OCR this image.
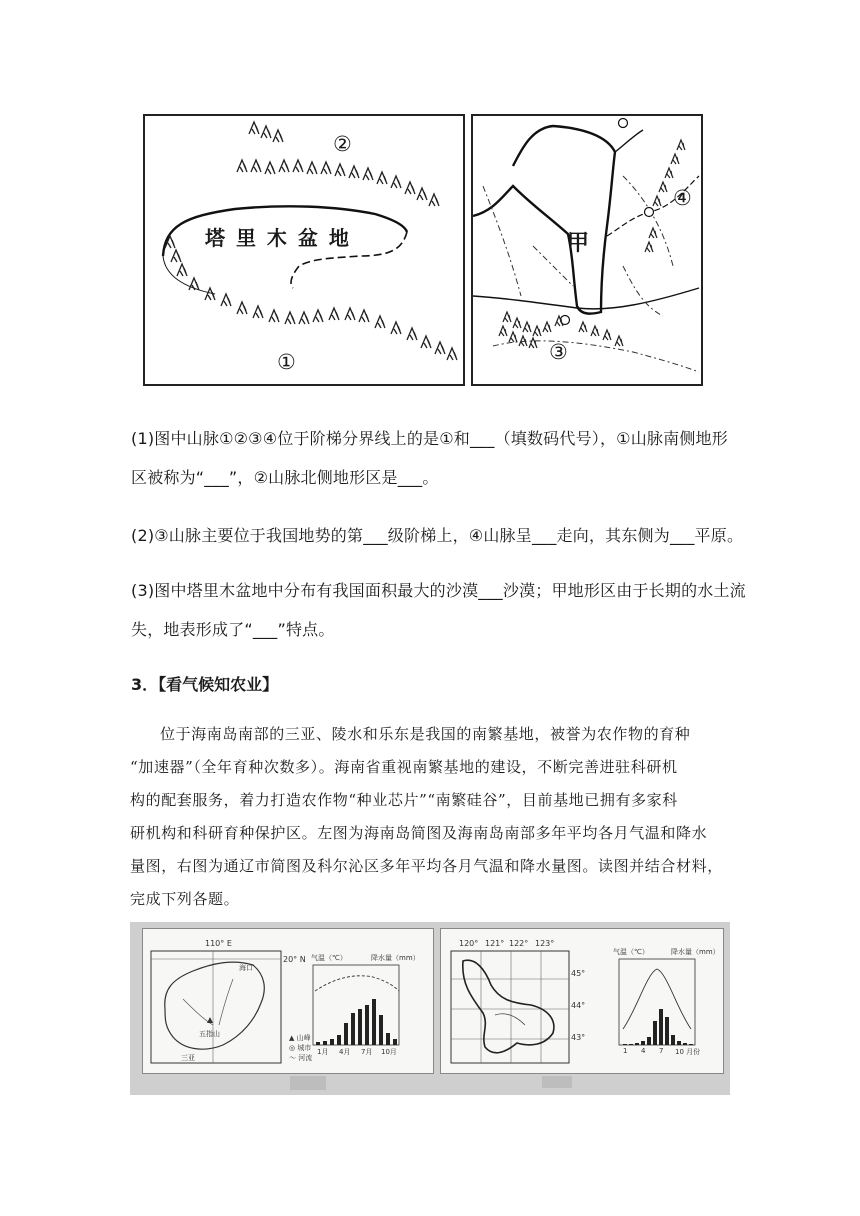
②
塔 里 木 盆 地
①
甲
④
③
(1)图中山脉①②③④位于阶梯分界线上的是①和___（填数码代号），①山脉南侧地形
区被称为“___”，②山脉北侧地形区是___。
(2)③山脉主要位于我国地势的第___级阶梯上，④山脉呈___走向，其东侧为___平原。
(3)图中塔里木盆地中分布有我国面积最大的沙漠___沙漠；甲地形区由于长期的水土流
失，地表形成了“___”特点。
3．【看气候知农业】
位于海南岛南部的三亚、陵水和乐东是我国的南繁基地，被誉为农作物的育种
“加速器”（全年育种次数多）。海南省重视南繁基地的建设，不断完善进驻科研机
构的配套服务，着力打造农作物“种业芯片”“南繁硅谷”，目前基地已拥有多家科
研机构和科研育种保护区。左图为海南岛简图及海南岛南部多年平均各月气温和降水
量图，右图为通辽市简图及科尔沁区多年平均各月气温和降水量图。读图并结合材料，
完成下列各题。
110° E
20° N
海口
五指山
三亚
▲ 山峰
◎ 城市
～ 河流
气温（℃）	降水量（mm）
1月 4月 7月 10月
120° 121° 122° 123°
45°
44°
43°
气温（℃）	降水量（mm）
1 4 7 10 月份
